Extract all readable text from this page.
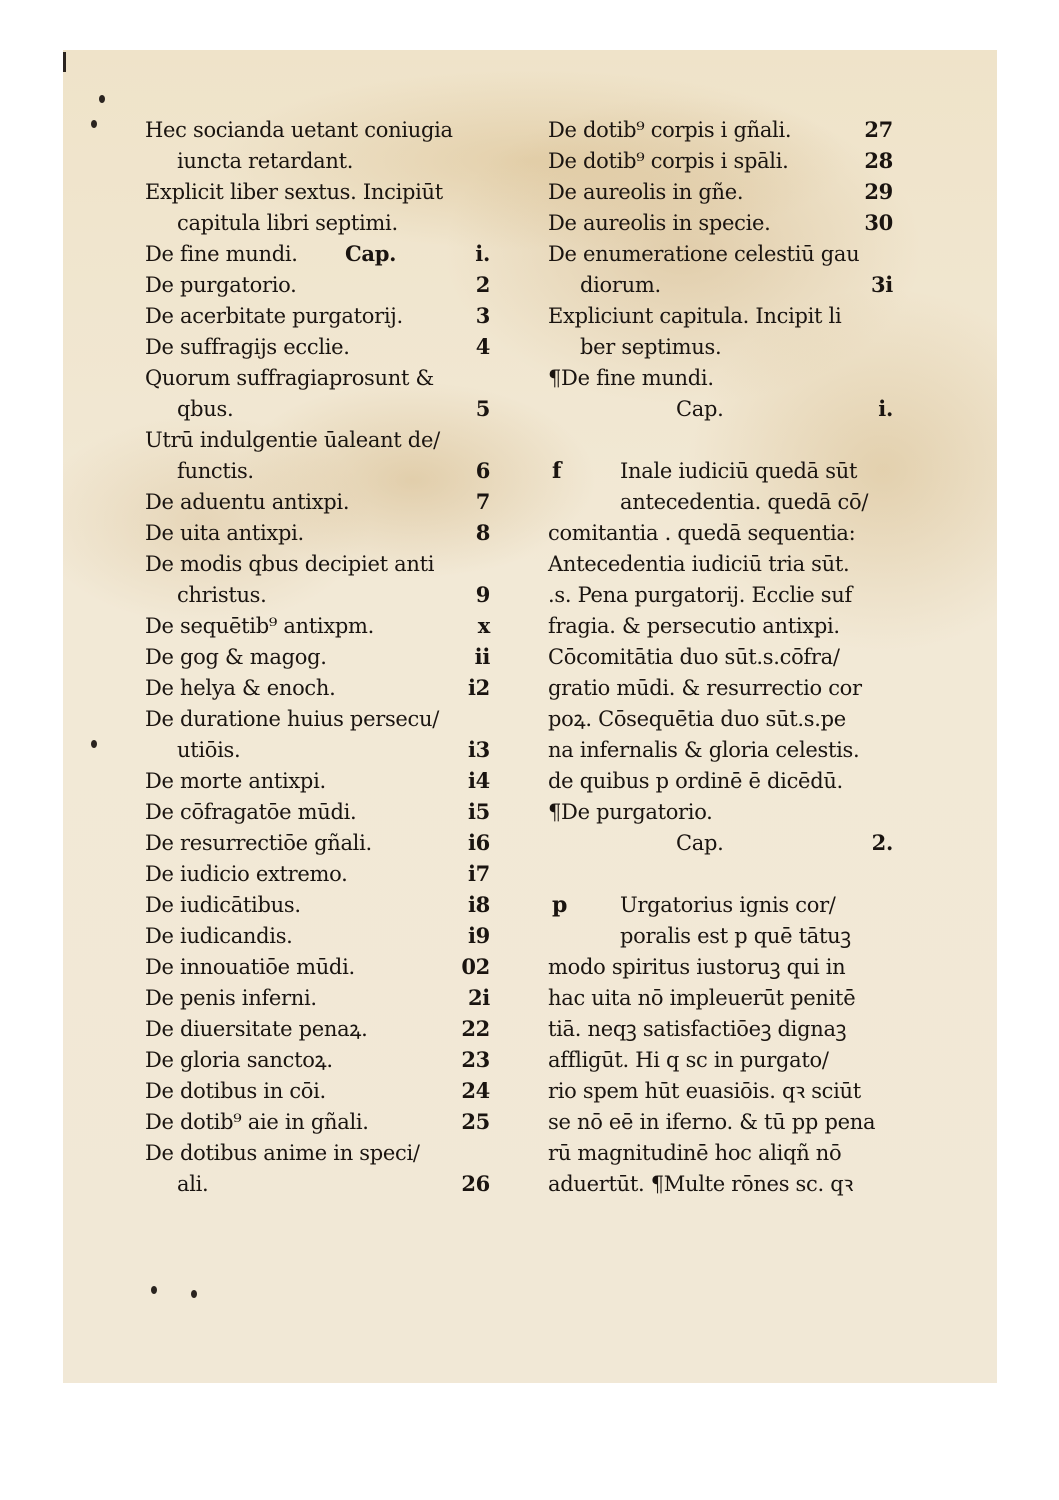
Hec socianda uetant coniugia
iuncta retardant.
Explicit liber sextus. Incipiūt
capitula libri septimi.
De fine mundi. Cap.	i.
De purgatorio.	2
De acerbitate purgatorij.	3
De suffragijs ecclie.	4
Quorum suffragiaprosunt &
qbus.	5
Utrū indulgentie ūaleant de/
functis.	6
De aduentu antixpi.	7
De uita antixpi.	8
De modis qbus decipiet anti
christus.	9
De sequētib⁹ antixpm.	x
De gog & magog.	ii
De helya & enoch.	i2
De duratione huius persecu/
utiōis.	i3
De morte antixpi.	i4
De cōfragatōe mūdi.	i5
De resurrectiōe gñali.	i6
De iudicio extremo.	i7
De iudicātibus.	i8
De iudicandis.	i9
De innouatiōe mūdi.	02
De penis inferni.	2i
De diuersitate penaꝝ.	22
De gloria sanctoꝝ.	23
De dotibus in cōi.	24
De dotib⁹ aie in gñali.	25
De dotibus anime in speci/
ali.	26
De dotib⁹ corpis i gñali.	27
De dotib⁹ corpis i spāli.	28
De aureolis in gñe.	29
De aureolis in specie.	30
De enumeratione celestiū gau
diorum.	3i
Expliciunt capitula. Incipit li
ber septimus.
¶De fine mundi.
Cap.	i.
Inale iudiciū quedā sūt
f
antecedentia. quedā cō/
comitantia . quedā sequentia:
Antecedentia iudiciū tria sūt.
.s. Pena purgatorij. Ecclie suf
fragia. & persecutio antixpi.
Cōcomitātia duo sūt.s.cōfra/
gratio mūdi. & resurrectio cor
poꝝ. Cōsequētia duo sūt.s.pe
na infernalis & gloria celestis.
de quibus p ordinē ē dicēdū.
¶De purgatorio.
Cap.	2.
Urgatorius ignis cor/
p
poralis est p quē tātuꝫ
modo spiritus iustoruꝫ qui in
hac uita nō impleuerūt penitē
tiā. neqꝫ satisfactiōeꝫ dignaꝫ
affligūt. Hi q sc in purgato/
rio spem hūt euasiōis. qꝛ sciūt
se nō eē in iferno. & tū pp pena
rū magnitudinē hoc aliqñ nō
aduertūt. ¶Multe rōnes sc. qꝛ
